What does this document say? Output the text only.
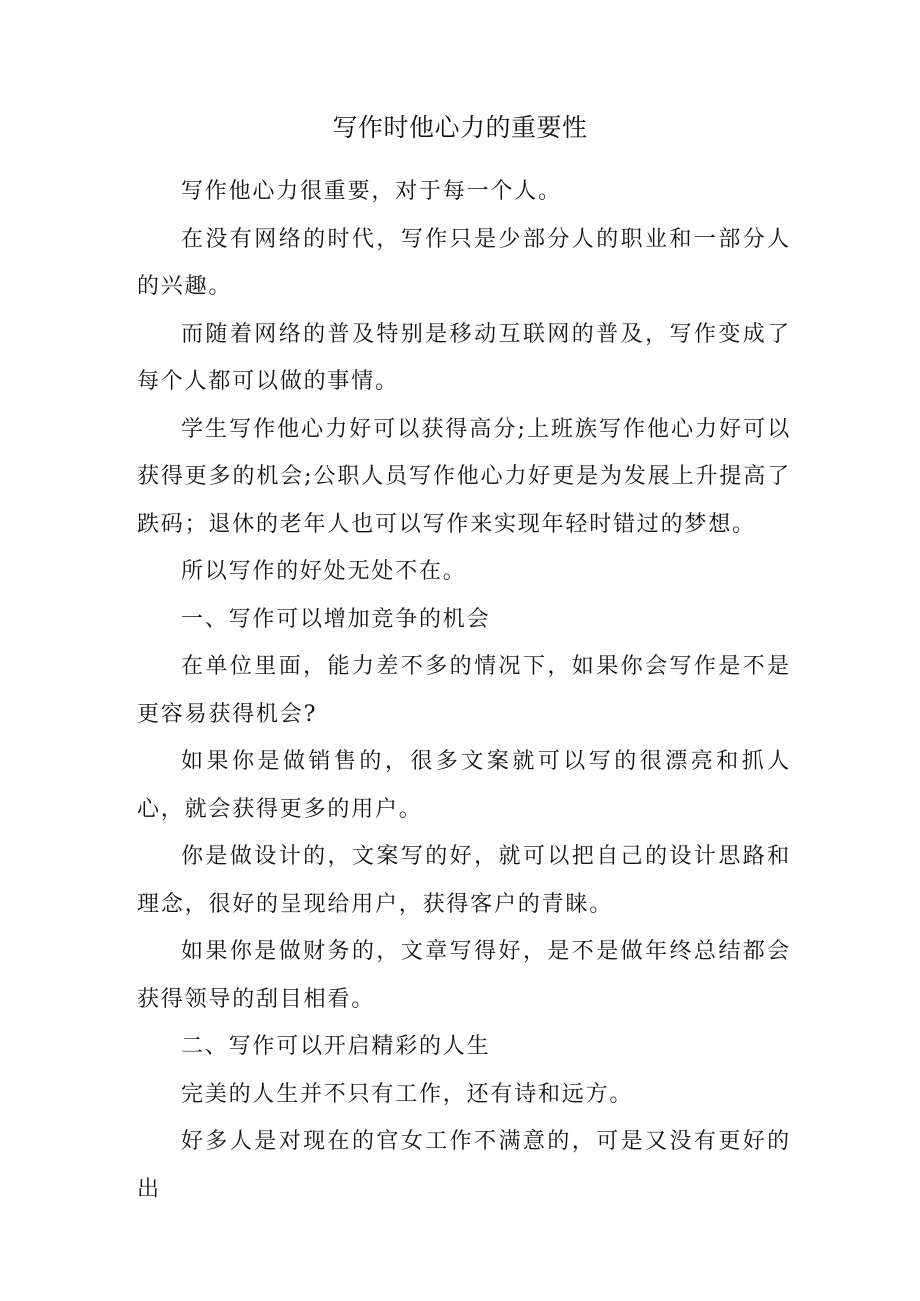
写作时他心力的重要性

写作他心力很重要，对于每一个人。

在没有网络的时代，写作只是少部分人的职业和一部分人的兴趣。

而随着网络的普及特别是移动互联网的普及，写作变成了每个人都可以做的事情。

学生写作他心力好可以获得高分;上班族写作他心力好可以获得更多的机会;公职人员写作他心力好更是为发展上升提高了跌码；退休的老年人也可以写作来实现年轻时错过的梦想。

所以写作的好处无处不在。

一、写作可以增加竞争的机会

在单位里面，能力差不多的情况下，如果你会写作是不是更容易获得机会?

如果你是做销售的，很多文案就可以写的很漂亮和抓人心，就会获得更多的用户。

你是做设计的，文案写的好，就可以把自己的设计思路和理念，很好的呈现给用户，获得客户的青睐。

如果你是做财务的，文章写得好，是不是做年终总结都会获得领导的刮目相看。

二、写作可以开启精彩的人生

完美的人生并不只有工作，还有诗和远方。

好多人是对现在的官女工作不满意的，可是又没有更好的出
